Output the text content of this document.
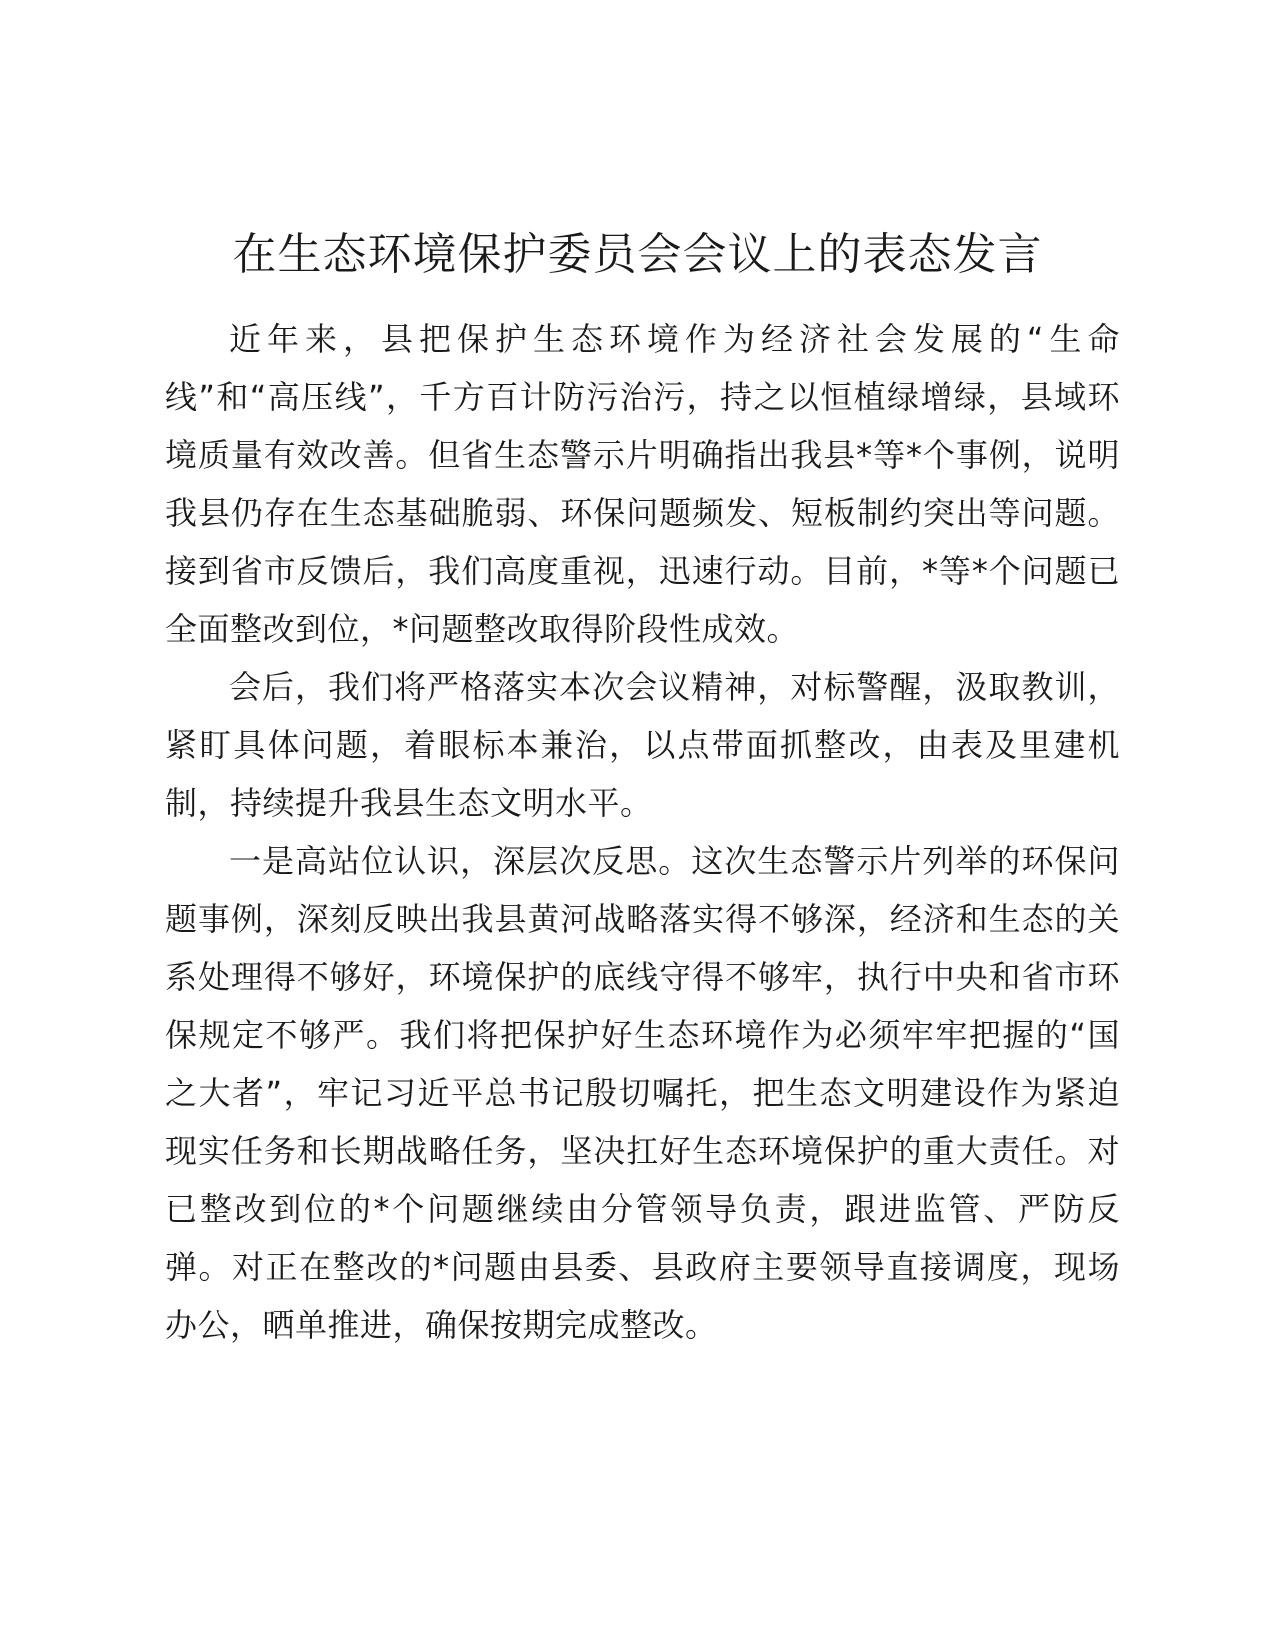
在生态环境保护委员会会议上的表态发言

近年来，县把保护生态环境作为经济社会发展的“生命线”和“高压线”，千方百计防污治污，持之以恒植绿增绿，县域环境质量有效改善。但省生态警示片明确指出我县*等*个事例，说明我县仍存在生态基础脆弱、环保问题频发、短板制约突出等问题。接到省市反馈后，我们高度重视，迅速行动。目前，*等*个问题已全面整改到位，*问题整改取得阶段性成效。

会后，我们将严格落实本次会议精神，对标警醒，汲取教训，紧盯具体问题，着眼标本兼治，以点带面抓整改，由表及里建机制，持续提升我县生态文明水平。

一是高站位认识，深层次反思。这次生态警示片列举的环保问题事例，深刻反映出我县黄河战略落实得不够深，经济和生态的关系处理得不够好，环境保护的底线守得不够牢，执行中央和省市环保规定不够严。我们将把保护好生态环境作为必须牢牢把握的“国之大者”，牢记习近平总书记殷切嘱托，把生态文明建设作为紧迫现实任务和长期战略任务，坚决扛好生态环境保护的重大责任。对已整改到位的*个问题继续由分管领导负责，跟进监管、严防反弹。对正在整改的*问题由县委、县政府主要领导直接调度，现场办公，晒单推进，确保按期完成整改。
